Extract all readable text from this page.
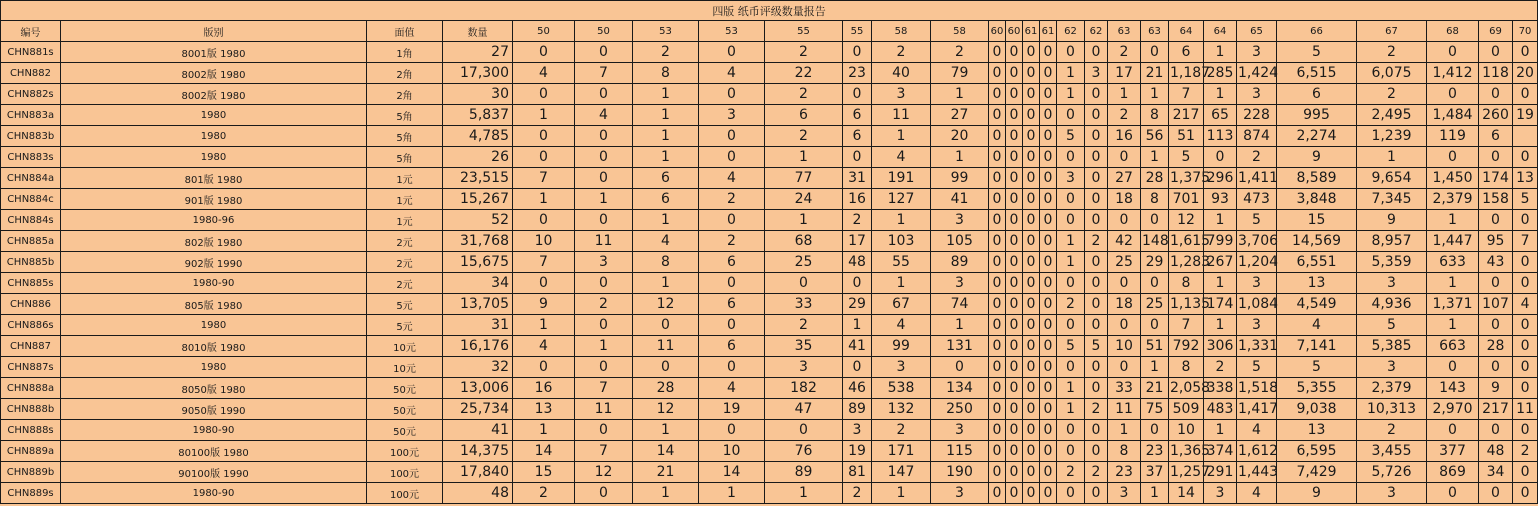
四版 纸币评级数量报告																											
编号	版别	面值	数量	50	50	53	53	55	55	58	58	60	60	61	61	62	62	63	63	64	64	65	66	67	68	69	70
CHN881s	8001版 1980	1角	27	0	0	2	0	2	0	2	2	0	0	0	0	0	0	2	0	6	1	3	5	2	0	0	0
CHN882	8002版 1980	2角	17,300	4	7	8	4	22	23	40	79	0	0	0	0	1	3	17	21	1,187	285	1,424	6,515	6,075	1,412	118	20
CHN882s	8002版 1980	2角	30	0	0	1	0	2	0	3	1	0	0	0	0	1	0	1	1	7	1	3	6	2	0	0	0
CHN883a	1980	5角	5,837	1	4	1	3	6	6	11	27	0	0	0	0	0	0	2	8	217	65	228	995	2,495	1,484	260	19
CHN883b	1980	5角	4,785	0	0	1	0	2	6	1	20	0	0	0	0	5	0	16	56	51	113	874	2,274	1,239	119	6	
CHN883s	1980	5角	26	0	0	1	0	1	0	4	1	0	0	0	0	0	0	0	1	5	0	2	9	1	0	0	0
CHN884a	801版 1980	1元	23,515	7	0	6	4	77	31	191	99	0	0	0	0	3	0	27	28	1,375	296	1,411	8,589	9,654	1,450	174	13
CHN884c	901版 1980	1元	15,267	1	1	6	2	24	16	127	41	0	0	0	0	0	0	18	8	701	93	473	3,848	7,345	2,379	158	5
CHN884s	1980-96	1元	52	0	0	1	0	1	2	1	3	0	0	0	0	0	0	0	0	12	1	5	15	9	1	0	0
CHN885a	802版 1980	2元	31,768	10	11	4	2	68	17	103	105	0	0	0	0	1	2	42	148	1,615	799	3,706	14,569	8,957	1,447	95	7
CHN885b	902版 1990	2元	15,675	7	3	8	6	25	48	55	89	0	0	0	0	1	0	25	29	1,283	267	1,204	6,551	5,359	633	43	0
CHN885s	1980-90	2元	34	0	0	1	0	0	0	1	3	0	0	0	0	0	0	0	0	8	1	3	13	3	1	0	0
CHN886	805版 1980	5元	13,705	9	2	12	6	33	29	67	74	0	0	0	0	2	0	18	25	1,135	174	1,084	4,549	4,936	1,371	107	4
CHN886s	1980	5元	31	1	0	0	0	2	1	4	1	0	0	0	0	0	0	0	0	7	1	3	4	5	1	0	0
CHN887	8010版 1980	10元	16,176	4	1	11	6	35	41	99	131	0	0	0	0	5	5	10	51	792	306	1,331	7,141	5,385	663	28	0
CHN887s	1980	10元	32	0	0	0	0	3	0	3	0	0	0	0	0	0	0	0	1	8	2	5	5	3	0	0	0
CHN888a	8050版 1980	50元	13,006	16	7	28	4	182	46	538	134	0	0	0	0	1	0	33	21	2,058	338	1,518	5,355	2,379	143	9	0
CHN888b	9050版 1990	50元	25,734	13	11	12	19	47	89	132	250	0	0	0	0	1	2	11	75	509	483	1,417	9,038	10,313	2,970	217	11
CHN888s	1980-90	50元	41	1	0	1	0	0	3	2	3	0	0	0	0	0	0	1	0	10	1	4	13	2	0	0	0
CHN889a	80100版 1980	100元	14,375	14	7	14	10	76	19	171	115	0	0	0	0	0	0	8	23	1,365	374	1,612	6,595	3,455	377	48	2
CHN889b	90100版 1990	100元	17,840	15	12	21	14	89	81	147	190	0	0	0	0	2	2	23	37	1,257	291	1,443	7,429	5,726	869	34	0
CHN889s	1980-90	100元	48	2	0	1	1	1	2	1	3	0	0	0	0	0	0	3	1	14	3	4	9	3	0	0	0
